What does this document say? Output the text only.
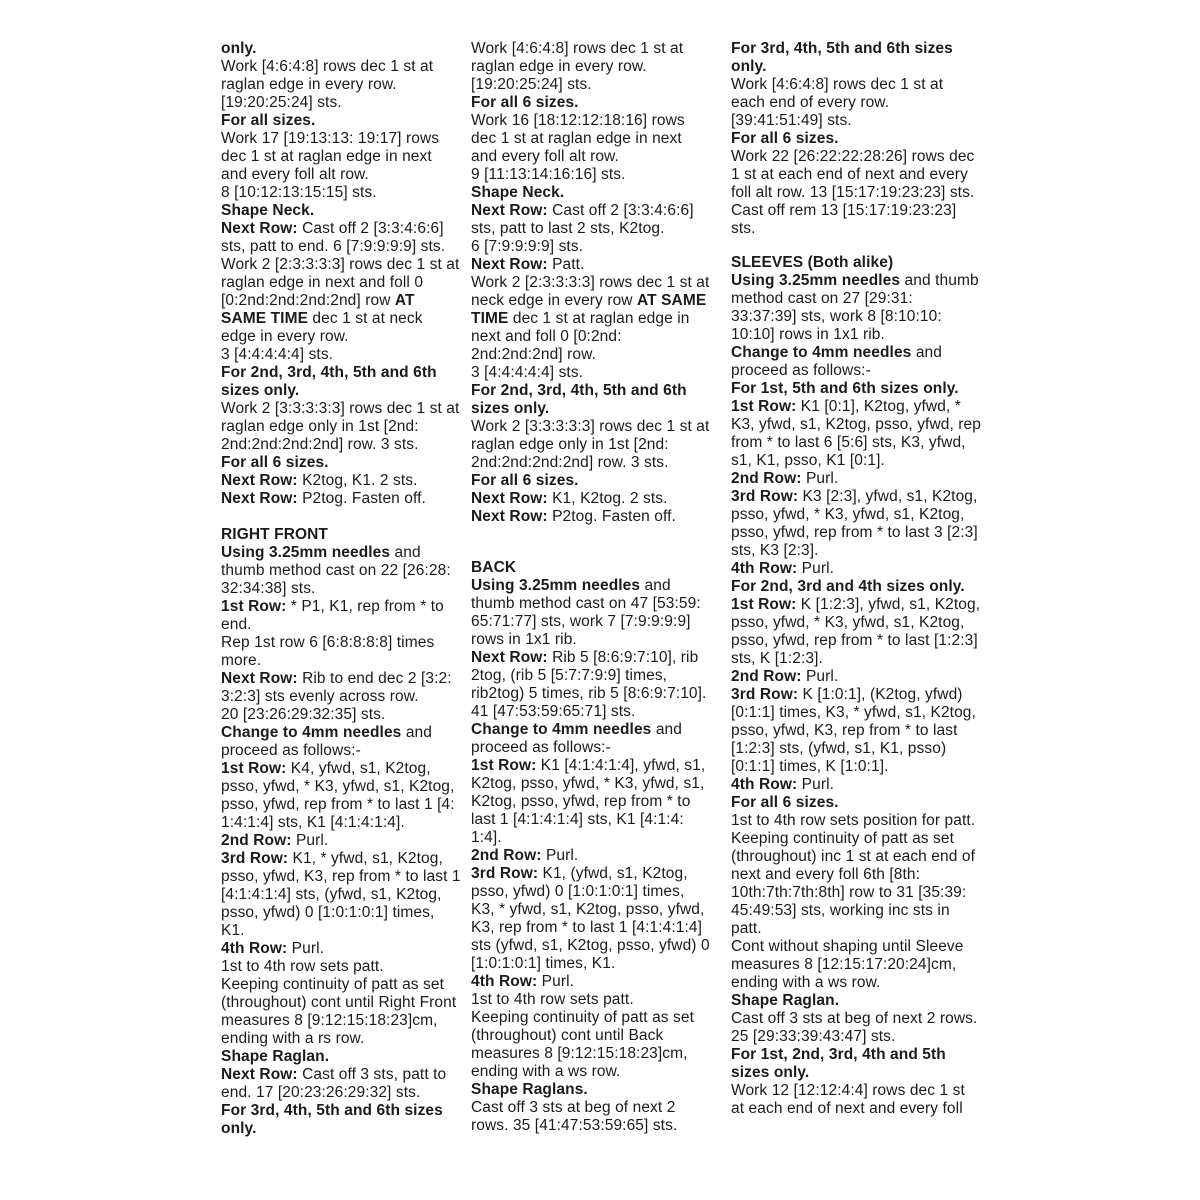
only.
Work [4:6:4:8] rows dec 1 st at raglan edge in every row.
[19:20:25:24] sts.
For all sizes.
Work 17 [19:13:13: 19:17] rows dec 1 st at raglan edge in next and every foll alt row.
8 [10:12:13:15:15] sts.
Shape Neck.
Next Row: Cast off 2 [3:3:4:6:6] sts, patt to end. 6 [7:9:9:9:9] sts.
Work 2 [2:3:3:3:3] rows dec 1 st at raglan edge in next and foll 0 [0:2nd:2nd:2nd:2nd] row AT SAME TIME dec 1 st at neck edge in every row.
3 [4:4:4:4:4] sts.
For 2nd, 3rd, 4th, 5th and 6th sizes only.
Work 2 [3:3:3:3:3] rows dec 1 st at raglan edge only in 1st [2nd: 2nd:2nd:2nd:2nd] row. 3 sts.
For all 6 sizes.
Next Row: K2tog, K1. 2 sts.
Next Row: P2tog. Fasten off.
RIGHT FRONT
Using 3.25mm needles and thumb method cast on 22 [26:28: 32:34:38] sts.
1st Row: * P1, K1, rep from * to end.
Rep 1st row 6 [6:8:8:8:8] times more.
Next Row: Rib to end dec 2 [3:2: 3:2:3] sts evenly across row.
20 [23:26:29:32:35] sts.
Change to 4mm needles and proceed as follows:-
1st Row: K4, yfwd, s1, K2tog, psso, yfwd, * K3, yfwd, s1, K2tog, psso, yfwd, rep from * to last 1 [4: 1:4:1:4] sts, K1 [4:1:4:1:4].
2nd Row: Purl.
3rd Row: K1, * yfwd, s1, K2tog, psso, yfwd, K3, rep from * to last 1 [4:1:4:1:4] sts, (yfwd, s1, K2tog, psso, yfwd) 0 [1:0:1:0:1] times, K1.
4th Row: Purl.
1st to 4th row sets patt.
Keeping continuity of patt as set (throughout) cont until Right Front measures 8 [9:12:15:18:23]cm, ending with a rs row.
Shape Raglan.
Next Row: Cast off 3 sts, patt to end. 17 [20:23:26:29:32] sts.
For 3rd, 4th, 5th and 6th sizes only.
Work [4:6:4:8] rows dec 1 st at raglan edge in every row.
[19:20:25:24] sts.
For all 6 sizes.
Work 16 [18:12:12:18:16] rows dec 1 st at raglan edge in next and every foll alt row.
9 [11:13:14:16:16] sts.
Shape Neck.
Next Row: Cast off 2 [3:3:4:6:6] sts, patt to last 2 sts, K2tog.
6 [7:9:9:9:9] sts.
Next Row: Patt.
Work 2 [2:3:3:3:3] rows dec 1 st at neck edge in every row AT SAME TIME dec 1 st at raglan edge in next and foll 0 [0:2nd: 2nd:2nd:2nd] row.
3 [4:4:4:4:4] sts.
For 2nd, 3rd, 4th, 5th and 6th sizes only.
Work 2 [3:3:3:3:3] rows dec 1 st at raglan edge only in 1st [2nd: 2nd:2nd:2nd:2nd] row. 3 sts.
For all 6 sizes.
Next Row: K1, K2tog. 2 sts.
Next Row: P2tog. Fasten off.
BACK
Using 3.25mm needles and thumb method cast on 47 [53:59: 65:71:77] sts, work 7 [7:9:9:9:9] rows in 1x1 rib.
Next Row: Rib 5 [8:6:9:7:10], rib 2tog, (rib 5 [5:7:7:9:9] times, rib2tog) 5 times, rib 5 [8:6:9:7:10].
41 [47:53:59:65:71] sts.
Change to 4mm needles and proceed as follows:-
1st Row: K1 [4:1:4:1:4], yfwd, s1, K2tog, psso, yfwd, * K3, yfwd, s1, K2tog, psso, yfwd, rep from * to last 1 [4:1:4:1:4] sts, K1 [4:1:4: 1:4].
2nd Row: Purl.
3rd Row: K1, (yfwd, s1, K2tog, psso, yfwd) 0 [1:0:1:0:1] times, K3, * yfwd, s1, K2tog, psso, yfwd, K3, rep from * to last 1 [4:1:4:1:4] sts (yfwd, s1, K2tog, psso, yfwd) 0 [1:0:1:0:1] times, K1.
4th Row: Purl.
1st to 4th row sets patt.
Keeping continuity of patt as set (throughout) cont until Back measures 8 [9:12:15:18:23]cm, ending with a ws row.
Shape Raglans.
Cast off 3 sts at beg of next 2 rows. 35 [41:47:53:59:65] sts.
For 3rd, 4th, 5th and 6th sizes only.
Work [4:6:4:8] rows dec 1 st at each end of every row.
[39:41:51:49] sts.
For all 6 sizes.
Work 22 [26:22:22:28:26] rows dec 1 st at each end of next and every foll alt row. 13 [15:17:19:23:23] sts.
Cast off rem 13 [15:17:19:23:23] sts.
SLEEVES (Both alike)
Using 3.25mm needles and thumb method cast on 27 [29:31: 33:37:39] sts, work 8 [8:10:10: 10:10] rows in 1x1 rib.
Change to 4mm needles and proceed as follows:-
For 1st, 5th and 6th sizes only.
1st Row: K1 [0:1], K2tog, yfwd, * K3, yfwd, s1, K2tog, psso, yfwd, rep from * to last 6 [5:6] sts, K3, yfwd, s1, K1, psso, K1 [0:1].
2nd Row: Purl.
3rd Row: K3 [2:3], yfwd, s1, K2tog, psso, yfwd, * K3, yfwd, s1, K2tog, psso, yfwd, rep from * to last 3 [2:3] sts, K3 [2:3].
4th Row: Purl.
For 2nd, 3rd and 4th sizes only.
1st Row: K [1:2:3], yfwd, s1, K2tog, psso, yfwd, * K3, yfwd, s1, K2tog, psso, yfwd, rep from * to last [1:2:3] sts, K [1:2:3].
2nd Row: Purl.
3rd Row: K [1:0:1], (K2tog, yfwd) [0:1:1] times, K3, * yfwd, s1, K2tog, psso, yfwd, K3, rep from * to last [1:2:3] sts, (yfwd, s1, K1, psso) [0:1:1] times, K [1:0:1].
4th Row: Purl.
For all 6 sizes.
1st to 4th row sets position for patt.
Keeping continuity of patt as set (throughout) inc 1 st at each end of next and every foll 6th [8th: 10th:7th:7th:8th] row to 31 [35:39: 45:49:53] sts, working inc sts in patt.
Cont without shaping until Sleeve measures 8 [12:15:17:20:24]cm, ending with a ws row.
Shape Raglan.
Cast off 3 sts at beg of next 2 rows. 25 [29:33:39:43:47] sts.
For 1st, 2nd, 3rd, 4th and 5th sizes only.
Work 12 [12:12:4:4] rows dec 1 st at each end of next and every foll
